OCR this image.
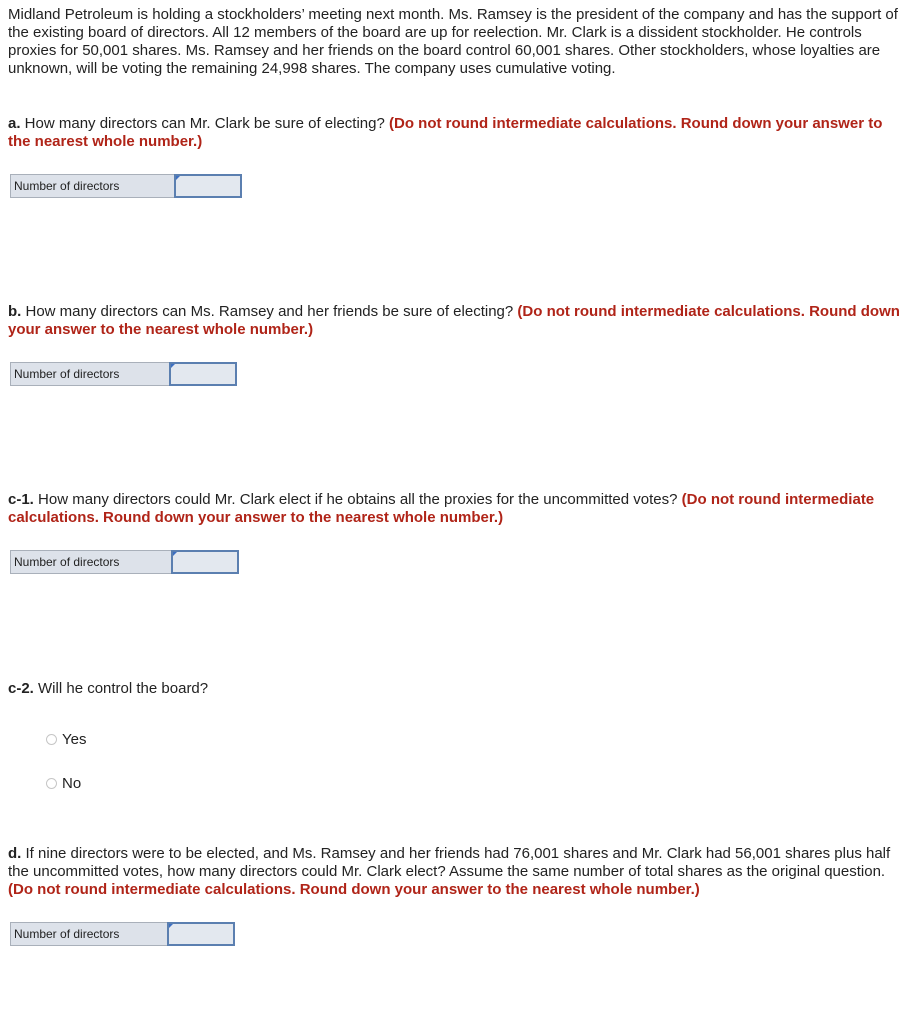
Midland Petroleum is holding a stockholders’ meeting next month. Ms. Ramsey is the president of the company and has the support of the existing board of directors. All 12 members of the board are up for reelection. Mr. Clark is a dissident stockholder. He controls proxies for 50,001 shares. Ms. Ramsey and her friends on the board control 60,001 shares. Other stockholders, whose loyalties are unknown, will be voting the remaining 24,998 shares. The company uses cumulative voting.

a. How many directors can Mr. Clark be sure of electing? (Do not round intermediate calculations. Round down your answer to the nearest whole number.)

Number of directors

b. How many directors can Ms. Ramsey and her friends be sure of electing? (Do not round intermediate calculations. Round down your answer to the nearest whole number.)

Number of directors

c-1. How many directors could Mr. Clark elect if he obtains all the proxies for the uncommitted votes? (Do not round intermediate calculations. Round down your answer to the nearest whole number.)

Number of directors

c-2. Will he control the board?

Yes
No

d. If nine directors were to be elected, and Ms. Ramsey and her friends had 76,001 shares and Mr. Clark had 56,001 shares plus half the uncommitted votes, how many directors could Mr. Clark elect? Assume the same number of total shares as the original question. (Do not round intermediate calculations. Round down your answer to the nearest whole number.)

Number of directors
